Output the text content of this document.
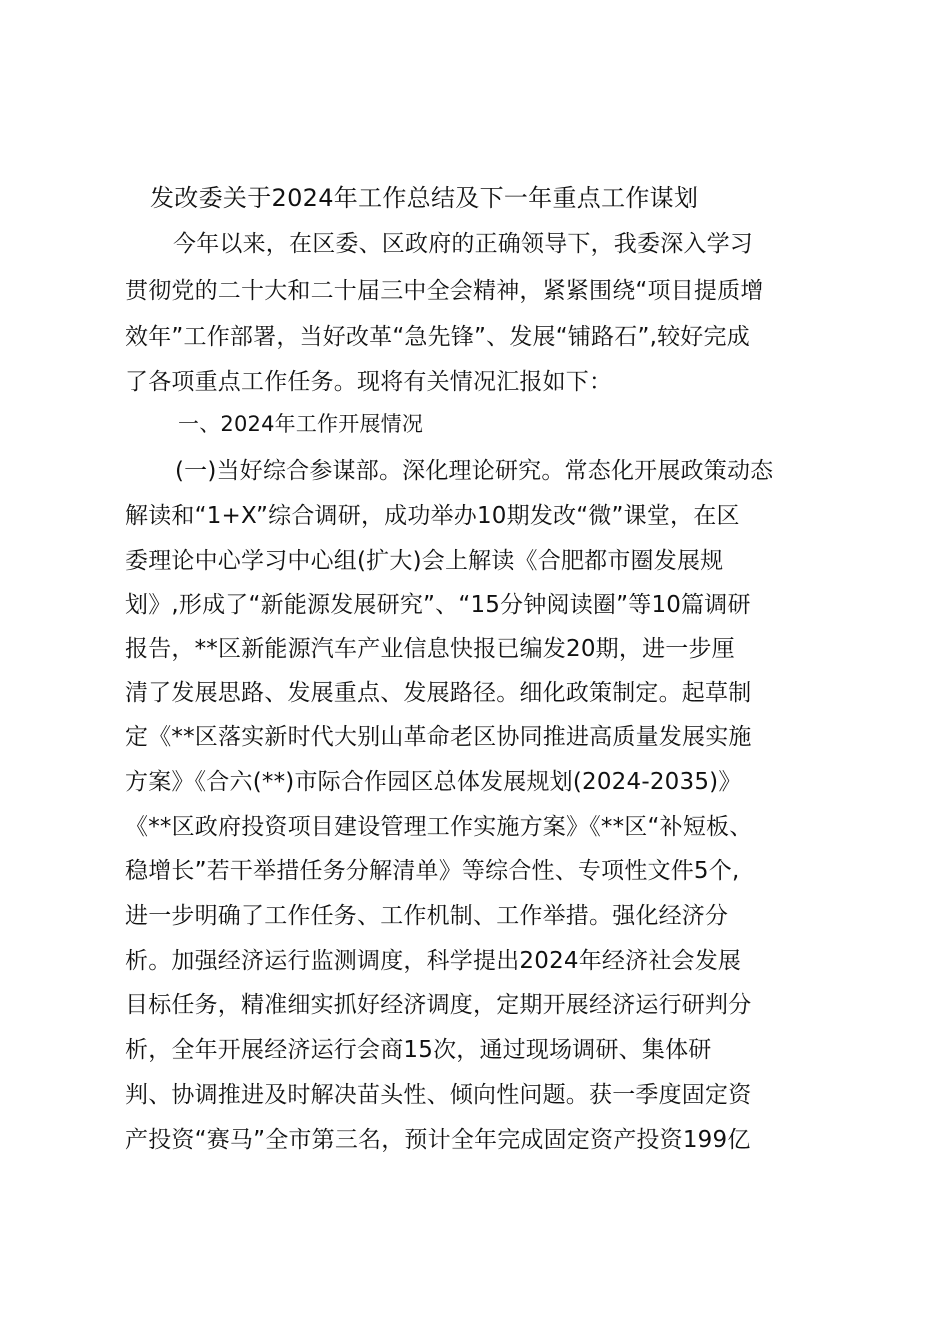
发改委关于2024年工作总结及下一年重点工作谋划
今年以来，在区委、区政府的正确领导下，我委深入学习
贯彻党的二十大和二十届三中全会精神，紧紧围绕“项目提质增
效年”工作部署，当好改革“急先锋”、发展“铺路石”,较好完成
了各项重点工作任务。现将有关情况汇报如下：
一、2024年工作开展情况
(一)当好综合参谋部。深化理论研究。常态化开展政策动态
解读和“1+X”综合调研，成功举办10期发改“微”课堂，在区
委理论中心学习中心组(扩大)会上解读《合肥都市圈发展规
划》,形成了“新能源发展研究”、“15分钟阅读圈”等10篇调研
报告，**区新能源汽车产业信息快报已编发20期，进一步厘
清了发展思路、发展重点、发展路径。细化政策制定。起草制
定《**区落实新时代大别山革命老区协同推进高质量发展实施
方案》《合六(**)市际合作园区总体发展规划(2024-2035)》
《**区政府投资项目建设管理工作实施方案》《**区“补短板、
稳增长”若干举措任务分解清单》等综合性、专项性文件5个,
进一步明确了工作任务、工作机制、工作举措。强化经济分
析。加强经济运行监测调度，科学提出2024年经济社会发展
目标任务，精准细实抓好经济调度，定期开展经济运行研判分
析，全年开展经济运行会商15次，通过现场调研、集体研
判、协调推进及时解决苗头性、倾向性问题。获一季度固定资
产投资“赛马”全市第三名，预计全年完成固定资产投资199亿
